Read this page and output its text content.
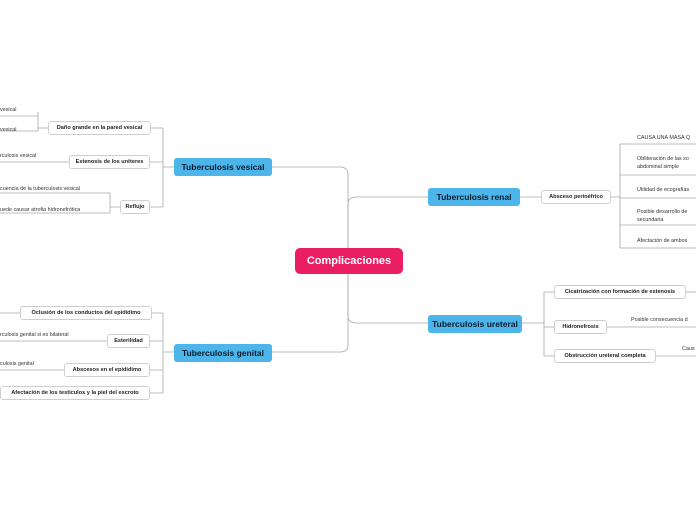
Complicaciones
Tuberculosis vesical
Daño grande en la pared vesical
Estenosis de los uréteres
Reflujo
vesical
vesical
rculosis vesical
cuencia de la tuberculosis vesical
uede causar atrofia hidronefrótica
Tuberculosis genital
Oclusión de los conductos del epidídimo
Esterilidad
Abscesos en el epidídimo
Afectación de los testículos y la piel del escroto
rculosis genital si es bilateral
culosis genital
Tuberculosis renal	Absceso perinéfrico
CAUSA UNA MASA Q
Obliteración de las so abdominal simple
Utilidad de ecografías
Posible desarrollo de secundaria
Afectación de ambos
Tuberculosis ureteral
Cicatrización con formación de estenosis
Hidronefrosis
Obstrucción ureteral completa
Posible consecuencia d
Caus
